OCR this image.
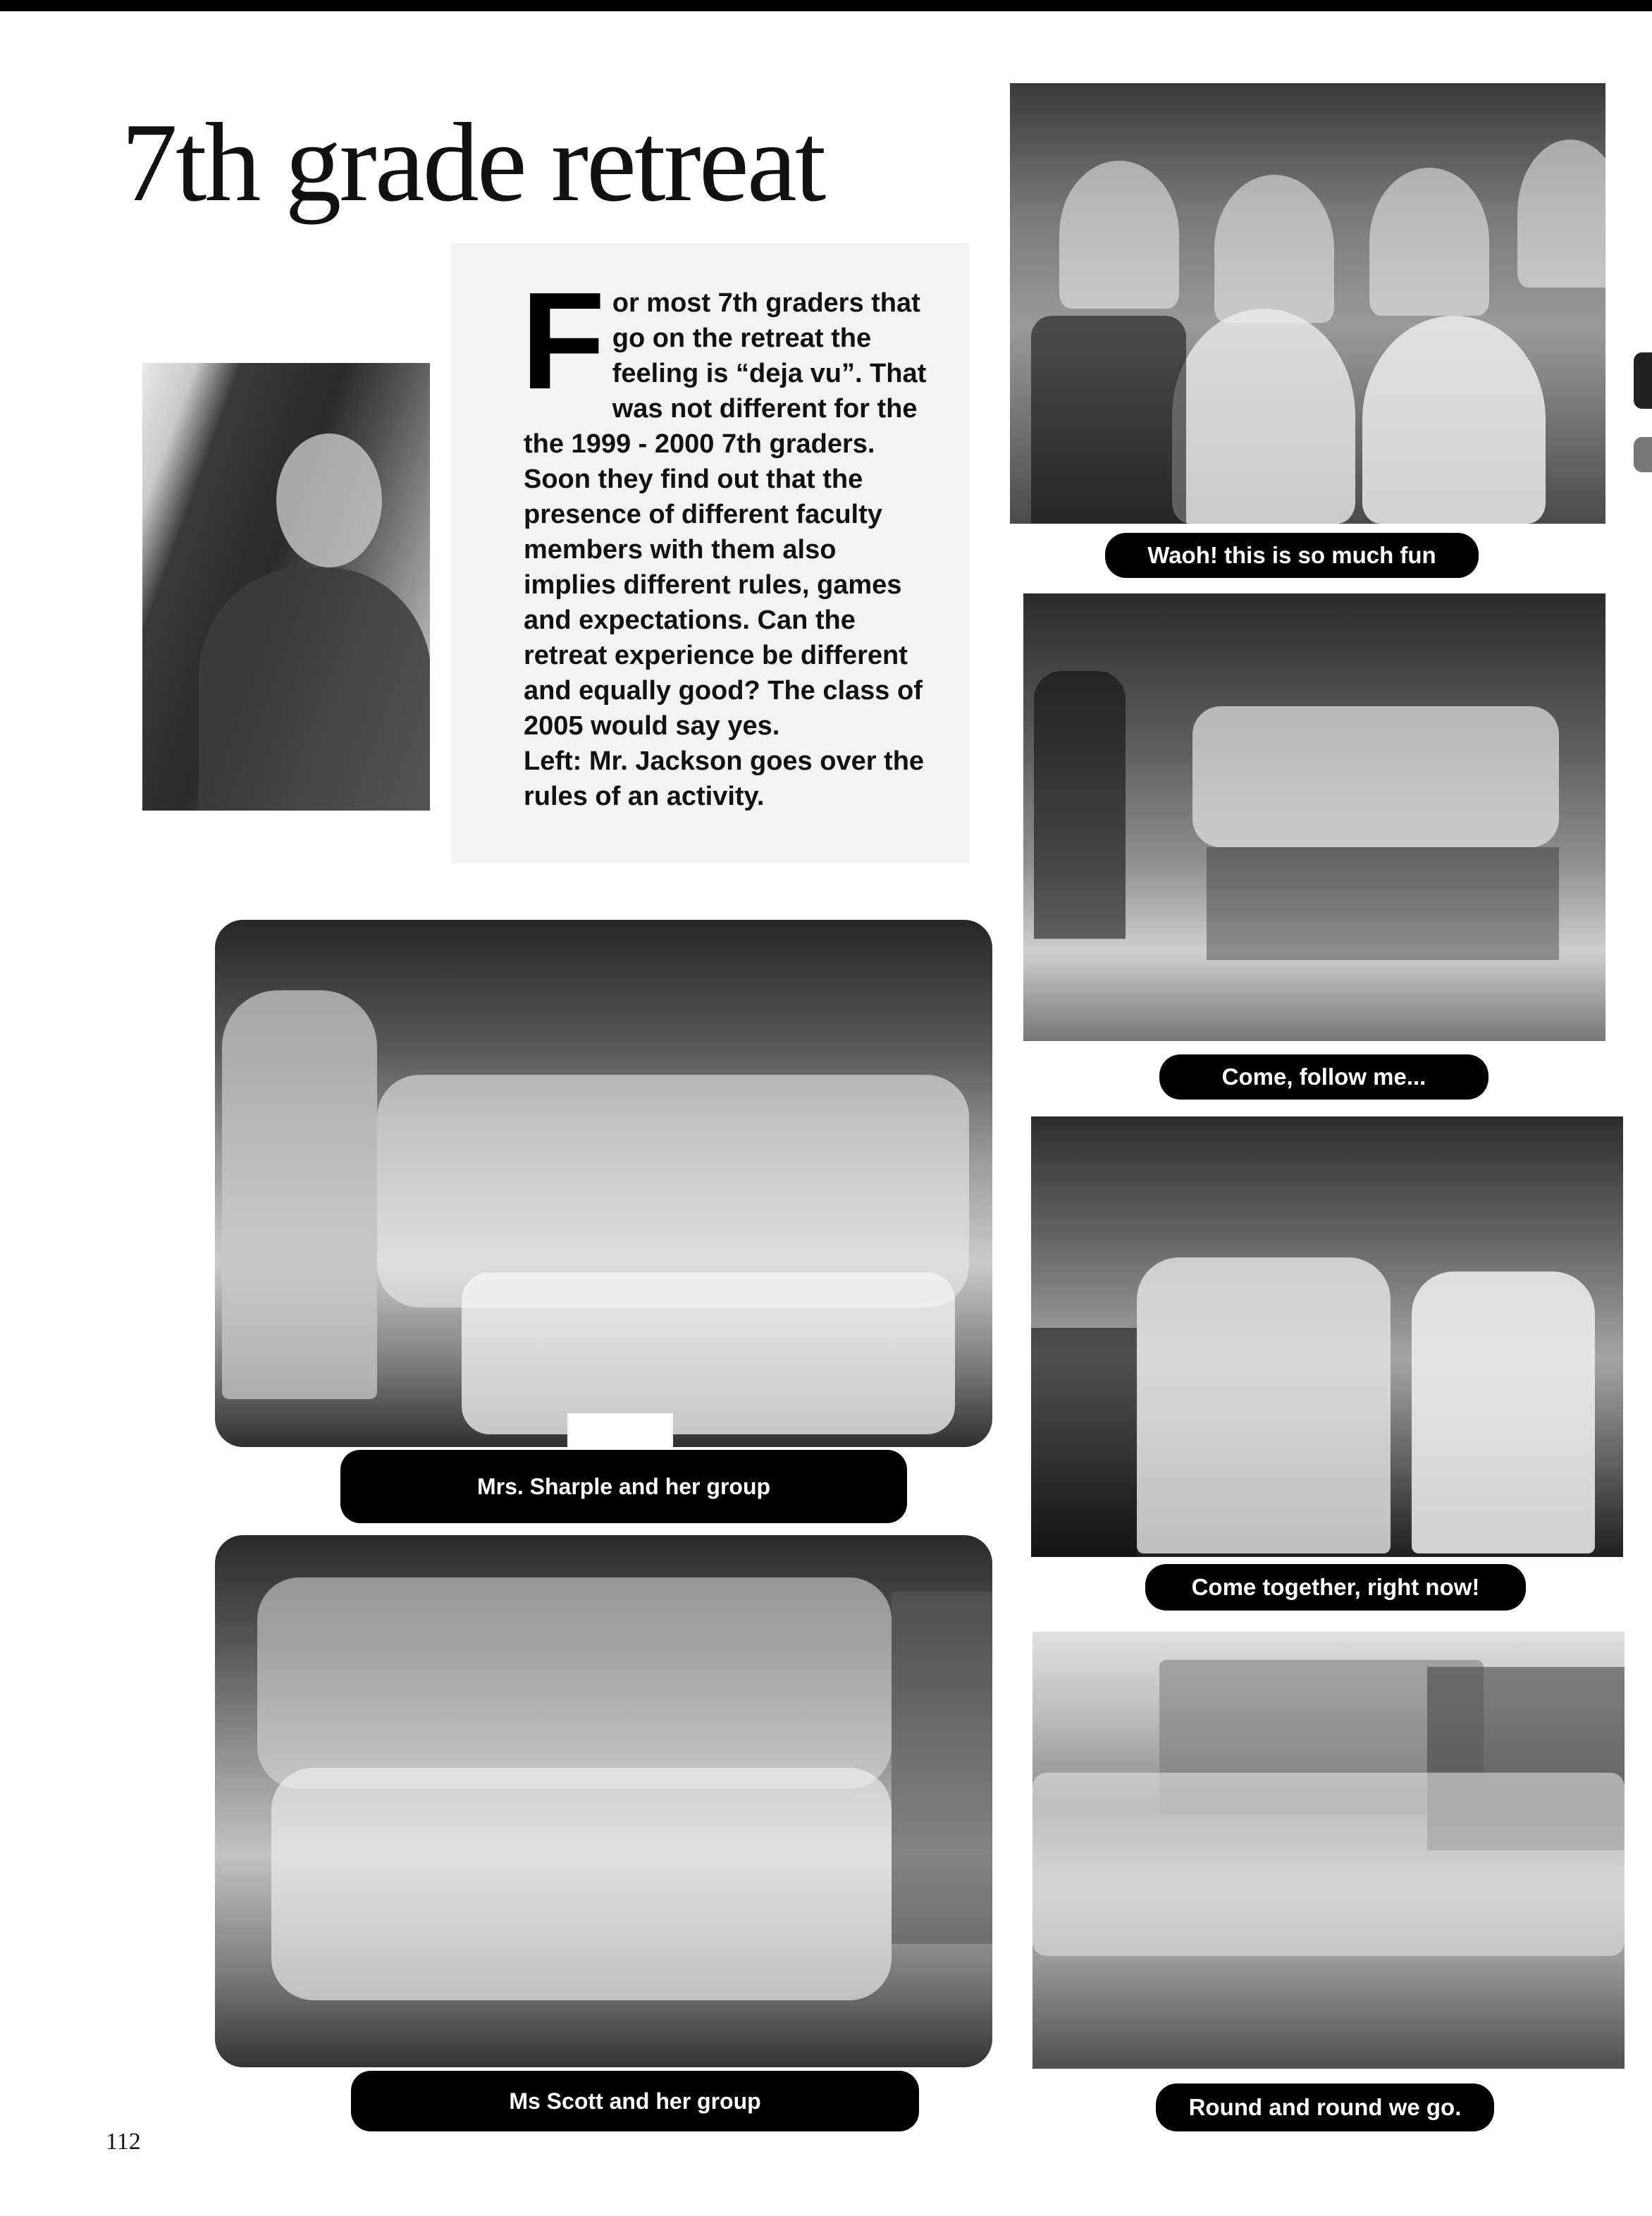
7th grade retreat
F or most 7th graders that go on the retreat the feeling is “deja vu”. That was not different for the the 1999 - 2000 7th graders. Soon they find out that the presence of different faculty members with them also implies different rules, games and expectations. Can the retreat experience be different and equally good? The class of 2005 would say yes.
Left: Mr. Jackson goes over the rules of an activity.
Waoh! this is so much fun
Come, follow me...
Mrs. Sharple and her group
Come together, right now!
Ms Scott and her group	Round and round we go.
112
